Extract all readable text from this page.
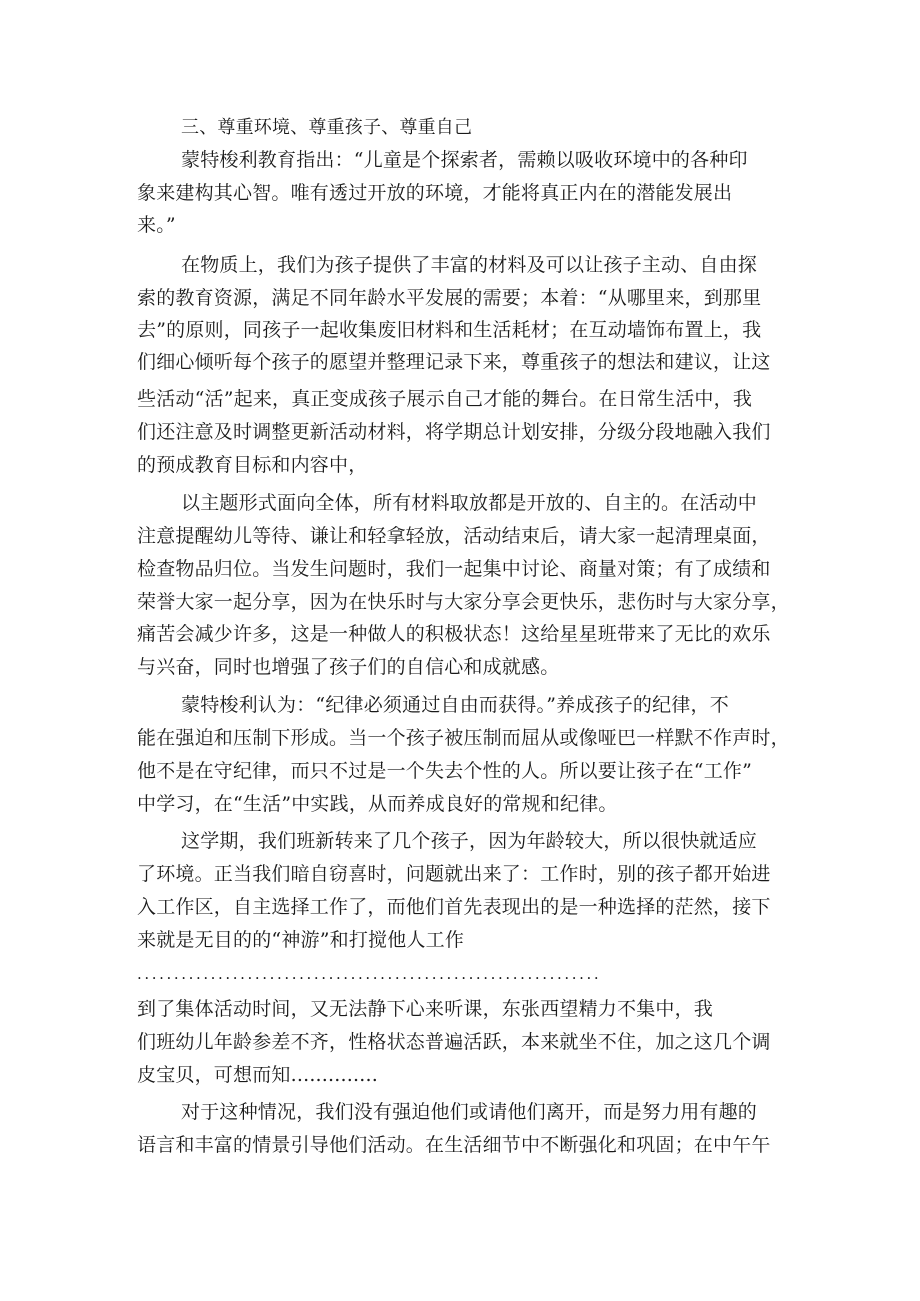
三、尊重环境、尊重孩子、尊重自己
蒙特梭利教育指出：“儿童是个探索者，需赖以吸收环境中的各种印
象来建构其心智。唯有透过开放的环境，才能将真正内在的潜能发展出
来。”
在物质上，我们为孩子提供了丰富的材料及可以让孩子主动、自由探
索的教育资源，满足不同年龄水平发展的需要；本着：“从哪里来，到那里
去”的原则，同孩子一起收集废旧材料和生活耗材；在互动墙饰布置上，我
们细心倾听每个孩子的愿望并整理记录下来，尊重孩子的想法和建议，让这
些活动“活”起来，真正变成孩子展示自己才能的舞台。在日常生活中，我
们还注意及时调整更新活动材料，将学期总计划安排，分级分段地融入我们
的预成教育目标和内容中，
以主题形式面向全体，所有材料取放都是开放的、自主的。在活动中
注意提醒幼儿等待、谦让和轻拿轻放，活动结束后，请大家一起清理桌面，
检查物品归位。当发生问题时，我们一起集中讨论、商量对策；有了成绩和
荣誉大家一起分享，因为在快乐时与大家分享会更快乐，悲伤时与大家分享，
痛苦会减少许多，这是一种做人的积极状态！这给星星班带来了无比的欢乐
与兴奋，同时也增强了孩子们的自信心和成就感。
蒙特梭利认为：“纪律必须通过自由而获得。”养成孩子的纪律，不
能在强迫和压制下形成。当一个孩子被压制而屈从或像哑巴一样默不作声时，
他不是在守纪律，而只不过是一个失去个性的人。所以要让孩子在“工作”
中学习，在“生活”中实践，从而养成良好的常规和纪律。
这学期，我们班新转来了几个孩子，因为年龄较大，所以很快就适应
了环境。正当我们暗自窃喜时，问题就出来了：工作时，别的孩子都开始进
入工作区，自主选择工作了，而他们首先表现出的是一种选择的茫然，接下
来就是无目的的“神游”和打搅他人工作
...............................................................
到了集体活动时间，又无法静下心来听课，东张西望精力不集中，我
们班幼儿年龄参差不齐，性格状态普遍活跃，本来就坐不住，加之这几个调
皮宝贝，可想而知..............
对于这种情况，我们没有强迫他们或请他们离开，而是努力用有趣的
语言和丰富的情景引导他们活动。在生活细节中不断强化和巩固；在中午午
